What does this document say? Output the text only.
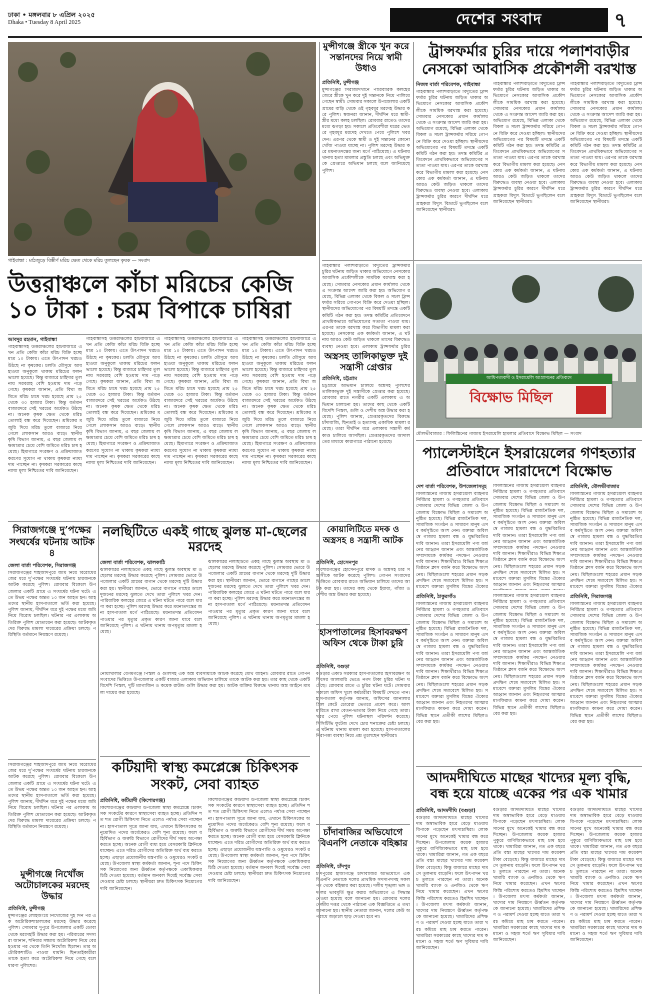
ঢাকা • মঙ্গলবার ৮ এপ্রিল ২০২৫
Dhaka • Tuesday 8 April 2025	দেশের সংবাদ	৭
গাইবান্ধা : মাঠজুড়ে বিস্তীর্ণ মরিচ ক্ষেত থেকে মরিচ তুলছেন কৃষক — সংবাদ
উত্তরাঞ্চলে কাঁচা মরিচের কেজি ১০ টাকা : চরম বিপাকে চাষিরা
আবদুর রহমান, গাইবান্ধা
গাইবান্ধাসহ উত্তরাঞ্চলের হাটবাজারে এখন প্রতি কেজি কাঁচা মরিচ বিক্রি হচ্ছে মাত্র ১০ টাকায়। এতে উৎপাদন খরচও উঠছে না কৃষকের। চলতি মৌসুমে আবহাওয়া অনুকূলে থাকায় মরিচের ফলন ভালো হয়েছে। কিন্তু বাজারে চাহিদার তুলনায় সরবরাহ বেশি হওয়ায় দাম পড়ে গেছে। কৃষকরা জানান, প্রতি বিঘা জমিতে মরিচ চাষে খরচ হয়েছে প্রায় ২৫ থেকে ৩০ হাজার টাকা। কিন্তু বর্তমান বাজারদরে সেই খরচের অর্ধেকও উঠছে না। অনেক কৃষক ক্ষেত থেকে মরিচ তোলাই বন্ধ করে দিয়েছেন। শ্রমিকের মজুরি দিয়ে মরিচ তুলে বাজারে নিয়ে গেলে লোকসান আরও বাড়ে। স্থানীয় কৃষি বিভাগ জানায়, এ বছর জেলায় লক্ষ্যমাত্রার চেয়ে বেশি জমিতে মরিচ চাষ হয়েছে। হিমাগারে সংরক্ষণ ও প্রক্রিয়াজাতকরণের সুযোগ না থাকায় কৃষকরা ন্যায্য দাম পাচ্ছেন না। কৃষকরা সরকারের কাছে ন্যায্য মূল্য নিশ্চিতের দাবি জানিয়েছেন।
গাইবান্ধাসহ উত্তরাঞ্চলের হাটবাজারে এখন প্রতি কেজি কাঁচা মরিচ বিক্রি হচ্ছে মাত্র ১০ টাকায়। এতে উৎপাদন খরচও উঠছে না কৃষকের। চলতি মৌসুমে আবহাওয়া অনুকূলে থাকায় মরিচের ফলন ভালো হয়েছে। কিন্তু বাজারে চাহিদার তুলনায় সরবরাহ বেশি হওয়ায় দাম পড়ে গেছে। কৃষকরা জানান, প্রতি বিঘা জমিতে মরিচ চাষে খরচ হয়েছে প্রায় ২৫ থেকে ৩০ হাজার টাকা। কিন্তু বর্তমান বাজারদরে সেই খরচের অর্ধেকও উঠছে না। অনেক কৃষক ক্ষেত থেকে মরিচ তোলাই বন্ধ করে দিয়েছেন। শ্রমিকের মজুরি দিয়ে মরিচ তুলে বাজারে নিয়ে গেলে লোকসান আরও বাড়ে। স্থানীয় কৃষি বিভাগ জানায়, এ বছর জেলায় লক্ষ্যমাত্রার চেয়ে বেশি জমিতে মরিচ চাষ হয়েছে। হিমাগারে সংরক্ষণ ও প্রক্রিয়াজাতকরণের সুযোগ না থাকায় কৃষকরা ন্যায্য দাম পাচ্ছেন না। কৃষকরা সরকারের কাছে ন্যায্য মূল্য নিশ্চিতের দাবি জানিয়েছেন।
গাইবান্ধাসহ উত্তরাঞ্চলের হাটবাজারে এখন প্রতি কেজি কাঁচা মরিচ বিক্রি হচ্ছে মাত্র ১০ টাকায়। এতে উৎপাদন খরচও উঠছে না কৃষকের। চলতি মৌসুমে আবহাওয়া অনুকূলে থাকায় মরিচের ফলন ভালো হয়েছে। কিন্তু বাজারে চাহিদার তুলনায় সরবরাহ বেশি হওয়ায় দাম পড়ে গেছে। কৃষকরা জানান, প্রতি বিঘা জমিতে মরিচ চাষে খরচ হয়েছে প্রায় ২৫ থেকে ৩০ হাজার টাকা। কিন্তু বর্তমান বাজারদরে সেই খরচের অর্ধেকও উঠছে না। অনেক কৃষক ক্ষেত থেকে মরিচ তোলাই বন্ধ করে দিয়েছেন। শ্রমিকের মজুরি দিয়ে মরিচ তুলে বাজারে নিয়ে গেলে লোকসান আরও বাড়ে। স্থানীয় কৃষি বিভাগ জানায়, এ বছর জেলায় লক্ষ্যমাত্রার চেয়ে বেশি জমিতে মরিচ চাষ হয়েছে। হিমাগারে সংরক্ষণ ও প্রক্রিয়াজাতকরণের সুযোগ না থাকায় কৃষকরা ন্যায্য দাম পাচ্ছেন না। কৃষকরা সরকারের কাছে ন্যায্য মূল্য নিশ্চিতের দাবি জানিয়েছেন।
গাইবান্ধাসহ উত্তরাঞ্চলের হাটবাজারে এখন প্রতি কেজি কাঁচা মরিচ বিক্রি হচ্ছে মাত্র ১০ টাকায়। এতে উৎপাদন খরচও উঠছে না কৃষকের। চলতি মৌসুমে আবহাওয়া অনুকূলে থাকায় মরিচের ফলন ভালো হয়েছে। কিন্তু বাজারে চাহিদার তুলনায় সরবরাহ বেশি হওয়ায় দাম পড়ে গেছে। কৃষকরা জানান, প্রতি বিঘা জমিতে মরিচ চাষে খরচ হয়েছে প্রায় ২৫ থেকে ৩০ হাজার টাকা। কিন্তু বর্তমান বাজারদরে সেই খরচের অর্ধেকও উঠছে না। অনেক কৃষক ক্ষেত থেকে মরিচ তোলাই বন্ধ করে দিয়েছেন। শ্রমিকের মজুরি দিয়ে মরিচ তুলে বাজারে নিয়ে গেলে লোকসান আরও বাড়ে। স্থানীয় কৃষি বিভাগ জানায়, এ বছর জেলায় লক্ষ্যমাত্রার চেয়ে বেশি জমিতে মরিচ চাষ হয়েছে। হিমাগারে সংরক্ষণ ও প্রক্রিয়াজাতকরণের সুযোগ না থাকায় কৃষকরা ন্যায্য দাম পাচ্ছেন না। কৃষকরা সরকারের কাছে ন্যায্য মূল্য নিশ্চিতের দাবি জানিয়েছেন।
মুন্সীগঞ্জে স্ত্রীকে খুন করে সন্তানদের নিয়ে স্বামী উধাও
প্রতিনিধি, মুন্সীগঞ্জ
মুন্সীগঞ্জের সিরাজদিখানে পারিবারিক কলহের জেরে স্ত্রীকে খুন করে দুই সন্তানকে নিয়ে পালিয়ে গেছেন স্বামী। সোমবার সকালে উপজেলার একটি গ্রামের বাড়ি থেকে ওই গৃহবধূর মরদেহ উদ্ধার করে পুলিশ। স্বজনরা জানান, দীর্ঘদিন ধরে স্বামী-স্ত্রীর মধ্যে কলহ চলছিল। রোববার রাতেও তাদের মধ্যে ঝগড়া হয়। সকালে প্রতিবেশীরা ঘরের ভেতরে গৃহবধূর মরদেহ দেখতে পেয়ে পুলিশে খবর দেন। এরপর থেকে স্বামী ও দুই সন্তানের কোনো খোঁজ পাওয়া যাচ্ছে না। পুলিশ মরদেহ উদ্ধার করে ময়নাতদন্তের জন্য মর্গে পাঠিয়েছে। এ ঘটনায় থানায় হত্যা মামলার প্রস্তুতি চলছে এবং অভিযুক্তকে গ্রেপ্তারে অভিযান চলছে বলে জানিয়েছে পুলিশ।
ট্রান্সফর্মার চুরির দায়ে পলাশবাড়ীর নেসকো আবাসিক প্রকৌশলী বরখাস্ত
নিজস্ব বার্তা পরিবেশক, গাইবান্ধা
গাইবান্ধার পলাশবাড়ীতে বিদ্যুতের ট্রান্সফর্মার চুরির ঘটনায় জড়িত থাকার অভিযোগে নেসকোর আবাসিক প্রকৌশলীকে সাময়িক বরখাস্ত করা হয়েছে। সোমবার নেসকোর প্রধান কার্যালয় থেকে এ সংক্রান্ত আদেশ জারি করা হয়। অভিযোগ রয়েছে, বিভিন্ন এলাকা থেকে বিকল ও সচল ট্রান্সফর্মার সরিয়ে গোপনে বিক্রি করে দেওয়া হচ্ছিল। স্থানীয়দের অভিযোগের পর বিষয়টি তদন্তে একটি কমিটি গঠন করা হয়। তদন্ত কমিটির প্রতিবেদনে প্রাথমিকভাবে অভিযোগের সত্যতা পাওয়া যায়। এরপর তাকে বরখাস্ত করে বিভাগীয় মামলা করা হয়েছে। নেসকোর এক কর্মকর্তা জানান, এ ঘটনায় আরও কেউ জড়িত থাকলে তাদের বিরুদ্ধেও ব্যবস্থা নেওয়া হবে। এলাকায় ট্রান্সফর্মার চুরির কারণে দীর্ঘদিন ধরে গ্রাহকরা বিদ্যুৎ বিভ্রাটে ভুগছিলেন বলে জানিয়েছেন স্থানীয়রা।
গাইবান্ধার পলাশবাড়ীতে বিদ্যুতের ট্রান্সফর্মার চুরির ঘটনায় জড়িত থাকার অভিযোগে নেসকোর আবাসিক প্রকৌশলীকে সাময়িক বরখাস্ত করা হয়েছে। সোমবার নেসকোর প্রধান কার্যালয় থেকে এ সংক্রান্ত আদেশ জারি করা হয়। অভিযোগ রয়েছে, বিভিন্ন এলাকা থেকে বিকল ও সচল ট্রান্সফর্মার সরিয়ে গোপনে বিক্রি করে দেওয়া হচ্ছিল। স্থানীয়দের অভিযোগের পর বিষয়টি তদন্তে একটি কমিটি গঠন করা হয়। তদন্ত কমিটির প্রতিবেদনে প্রাথমিকভাবে অভিযোগের সত্যতা পাওয়া যায়। এরপর তাকে বরখাস্ত করে বিভাগীয় মামলা করা হয়েছে। নেসকোর এক কর্মকর্তা জানান, এ ঘটনায় আরও কেউ জড়িত থাকলে তাদের বিরুদ্ধেও ব্যবস্থা নেওয়া হবে। এলাকায় ট্রান্সফর্মার চুরির কারণে দীর্ঘদিন ধরে গ্রাহকরা বিদ্যুৎ বিভ্রাটে ভুগছিলেন বলে জানিয়েছেন স্থানীয়রা।
গাইবান্ধার পলাশবাড়ীতে বিদ্যুতের ট্রান্সফর্মার চুরির ঘটনায় জড়িত থাকার অভিযোগে নেসকোর আবাসিক প্রকৌশলীকে সাময়িক বরখাস্ত করা হয়েছে। সোমবার নেসকোর প্রধান কার্যালয় থেকে এ সংক্রান্ত আদেশ জারি করা হয়। অভিযোগ রয়েছে, বিভিন্ন এলাকা থেকে বিকল ও সচল ট্রান্সফর্মার সরিয়ে গোপনে বিক্রি করে দেওয়া হচ্ছিল। স্থানীয়দের অভিযোগের পর বিষয়টি তদন্তে একটি কমিটি গঠন করা হয়। তদন্ত কমিটির প্রতিবেদনে প্রাথমিকভাবে অভিযোগের সত্যতা পাওয়া যায়। এরপর তাকে বরখাস্ত করে বিভাগীয় মামলা করা হয়েছে। নেসকোর এক কর্মকর্তা জানান, এ ঘটনায় আরও কেউ জড়িত থাকলে তাদের বিরুদ্ধেও ব্যবস্থা নেওয়া হবে। এলাকায় ট্রান্সফর্মার চুরির কারণে দীর্ঘদিন ধরে গ্রাহকরা বিদ্যুৎ বিভ্রাটে ভুগছিলেন বলে জানিয়েছেন স্থানীয়রা।
গাইবান্ধার পলাশবাড়ীতে বিদ্যুতের ট্রান্সফর্মার চুরির ঘটনায় জড়িত থাকার অভিযোগে নেসকোর আবাসিক প্রকৌশলীকে সাময়িক বরখাস্ত করা হয়েছে। সোমবার নেসকোর প্রধান কার্যালয় থেকে এ সংক্রান্ত আদেশ জারি করা হয়। অভিযোগ রয়েছে, বিভিন্ন এলাকা থেকে বিকল ও সচল ট্রান্সফর্মার সরিয়ে গোপনে বিক্রি করে দেওয়া হচ্ছিল। স্থানীয়দের অভিযোগের পর বিষয়টি তদন্তে একটি কমিটি গঠন করা হয়। তদন্ত কমিটির প্রতিবেদনে প্রাথমিকভাবে অভিযোগের সত্যতা পাওয়া যায়। এরপর তাকে বরখাস্ত করে বিভাগীয় মামলা করা হয়েছে। নেসকোর এক কর্মকর্তা জানান, এ ঘটনায় আরও কেউ জড়িত থাকলে তাদের বিরুদ্ধেও ব্যবস্থা নেওয়া হবে। এলাকায় ট্রান্সফর্মার চুরির
অস্ত্রসহ তালিকাভুক্ত দুই সন্ত্রাসী গ্রেপ্তার
প্রতিনিধি, চট্টগ্রাম
চট্টগ্রামে অভিযান চালিয়ে অস্ত্রসহ পুলিশের তালিকাভুক্ত দুই সন্ত্রাসীকে গ্রেপ্তার করা হয়েছে। রোববার রাতে নগরীর একটি এলাকায় এ অভিযান চালানো হয়। তাদের কাছ থেকে একটি বিদেশি পিস্তল, গুলি ও দেশীয় অস্ত্র উদ্ধার করা হয়েছে। পুলিশ জানায়, গ্রেপ্তারকৃতদের বিরুদ্ধে চাঁদাবাজি, ছিনতাই ও হত্যাসহ একাধিক মামলা রয়েছে। তারা দীর্ঘদিন ধরে এলাকায় সন্ত্রাসী কর্মকাণ্ড চালিয়ে আসছিল। গ্রেপ্তারকৃতদের আদালতের মাধ্যমে কারাগারে পাঠানো হয়েছে।
আধিপত্যবাদী ও ইসরায়েলি আগ্রাসনের প্রতিবাদে
বিক্ষোভ মিছিল
মৌলভীবাজার : ফিলিস্তিনের গাজায় ইসরায়েলি হামলার প্রতিবাদে বিক্ষোভ মিছিল — সংবাদ
প্যালেস্টাইনে ইসরায়েলের গণহত্যার প্রতিবাদে সারাদেশে বিক্ষোভ
দেশ বার্তা পরিবেশক, উপজেলাসমূহ
ফিলিস্তিনের গাজায় ইসরায়েলি বাহিনীর নির্বিচার হামলা ও গণহত্যার প্রতিবাদে সোমবার দেশের বিভিন্ন জেলা ও উপজেলায় বিক্ষোভ মিছিল ও সমাবেশ অনুষ্ঠিত হয়েছে। বিভিন্ন রাজনৈতিক দল, সামাজিক সংগঠন ও সাধারণ মানুষ এসব কর্মসূচিতে অংশ নেন। বক্তারা অবিলম্বে গাজায় হামলা বন্ধ ও যুদ্ধবিরতির দাবি জানান। তারা ইসরায়েলি পণ্য বর্জনের আহ্বান জানান এবং আন্তর্জাতিক সম্প্রদায়কে কার্যকর পদক্ষেপ নেওয়ার দাবি জানান। শিক্ষার্থীরাও বিভিন্ন শিক্ষাপ্রতিষ্ঠানে ক্লাস বর্জন করে বিক্ষোভে অংশ নেয়। মিছিলগুলো শহরের প্রধান সড়ক প্রদক্ষিণ শেষে সমাবেশে মিলিত হয়। সমাবেশে বক্তারা মুসলিম বিশ্বের ঐক্যের
ফিলিস্তিনের গাজায় ইসরায়েলি বাহিনীর নির্বিচার হামলা ও গণহত্যার প্রতিবাদে সোমবার দেশের বিভিন্ন জেলা ও উপজেলায় বিক্ষোভ মিছিল ও সমাবেশ অনুষ্ঠিত হয়েছে। বিভিন্ন রাজনৈতিক দল, সামাজিক সংগঠন ও সাধারণ মানুষ এসব কর্মসূচিতে অংশ নেন। বক্তারা অবিলম্বে গাজায় হামলা বন্ধ ও যুদ্ধবিরতির দাবি জানান। তারা ইসরায়েলি পণ্য বর্জনের আহ্বান জানান এবং আন্তর্জাতিক সম্প্রদায়কে কার্যকর পদক্ষেপ নেওয়ার দাবি জানান। শিক্ষার্থীরাও বিভিন্ন শিক্ষাপ্রতিষ্ঠানে ক্লাস বর্জন করে বিক্ষোভে অংশ নেয়। মিছিলগুলো শহরের প্রধান সড়ক প্রদক্ষিণ শেষে সমাবেশে মিলিত হয়। সমাবেশে বক্তারা মুসলিম বিশ্বের ঐক্যের আহ্বান জানান এবং নিহতদের আত্মার
প্রতিনিধি, মৌলভীবাজার
ফিলিস্তিনের গাজায় ইসরায়েলি বাহিনীর নির্বিচার হামলা ও গণহত্যার প্রতিবাদে সোমবার দেশের বিভিন্ন জেলা ও উপজেলায় বিক্ষোভ মিছিল ও সমাবেশ অনুষ্ঠিত হয়েছে। বিভিন্ন রাজনৈতিক দল, সামাজিক সংগঠন ও সাধারণ মানুষ এসব কর্মসূচিতে অংশ নেন। বক্তারা অবিলম্বে গাজায় হামলা বন্ধ ও যুদ্ধবিরতির দাবি জানান। তারা ইসরায়েলি পণ্য বর্জনের আহ্বান জানান এবং আন্তর্জাতিক সম্প্রদায়কে কার্যকর পদক্ষেপ নেওয়ার দাবি জানান। শিক্ষার্থীরাও বিভিন্ন শিক্ষাপ্রতিষ্ঠানে ক্লাস বর্জন করে বিক্ষোভে অংশ নেয়। মিছিলগুলো শহরের প্রধান সড়ক প্রদক্ষিণ শেষে সমাবেশে মিলিত হয়। সমাবেশে বক্তারা মুসলিম বিশ্বের ঐক্যের
সিরাজগঞ্জে দু’পক্ষের সংঘর্ষের ঘটনায় আটক ৪
জেলা বার্তা পরিবেশক, সিরাজগঞ্জ
সিরাজগঞ্জের শাহজাদপুরে জমি নিয়ে বিরোধের জের ধরে দু’পক্ষের সংঘর্ষের ঘটনায় চারজনকে আটক করেছে পুলিশ। রোববার বিকেলে উপজেলার একটি গ্রামে এ সংঘর্ষের ঘটনা ঘটে। এতে উভয় পক্ষের অন্তত ১০ জন আহত হন। আহতদের স্থানীয় হাসপাতালে ভর্তি করা হয়েছে। পুলিশ জানায়, দীর্ঘদিন ধরে দুই পক্ষের মধ্যে জমি নিয়ে বিরোধ চলছিল। ঘটনার পর এলাকায় অতিরিক্ত পুলিশ মোতায়েন করা হয়েছে। আটককৃতদের বিরুদ্ধে মামলা দায়েরের প্রক্রিয়া চলছে। পরিস্থিতি বর্তমানে নিয়ন্ত্রণে রয়েছে।
নলছিটিতে একই গাছে ঝুলন্ত মা-ছেলের মরদেহ
জেলা বার্তা পরিবেশক, ঝালকাঠি
ঝালকাঠির নলছিটিতে একই গাছে ঝুলন্ত অবস্থায় মা ও ছেলের মরদেহ উদ্ধার করেছে পুলিশ। সোমবার ভোরে উপজেলার একটি গ্রামের বাগান থেকে মরদেহ দুটি উদ্ধার করা হয়। স্থানীয়রা জানান, ভোরে বাগানে গাছের ডালে দুজনের মরদেহ ঝুলতে দেখে তারা পুলিশে খবর দেন। পারিবারিক কলহের জেরে এ ঘটনা ঘটতে পারে বলে ধারণা করা হচ্ছে। পুলিশ মরদেহ উদ্ধার করে ময়নাতদন্তের জন্য হাসপাতাল মর্গে পাঠিয়েছে। ময়নাতদন্ত প্রতিবেদন পাওয়ার পর মৃত্যুর প্রকৃত কারণ জানা যাবে বলে জানিয়েছে পুলিশ। এ ঘটনায় থানায় অপমৃত্যুর মামলা হয়েছে।
ঝালকাঠির নলছিটিতে একই গাছে ঝুলন্ত অবস্থায় মা ও ছেলের মরদেহ উদ্ধার করেছে পুলিশ। সোমবার ভোরে উপজেলার একটি গ্রামের বাগান থেকে মরদেহ দুটি উদ্ধার করা হয়। স্থানীয়রা জানান, ভোরে বাগানে গাছের ডালে দুজনের মরদেহ ঝুলতে দেখে তারা পুলিশে খবর দেন। পারিবারিক কলহের জেরে এ ঘটনা ঘটতে পারে বলে ধারণা করা হচ্ছে। পুলিশ মরদেহ উদ্ধার করে ময়নাতদন্তের জন্য হাসপাতাল মর্গে পাঠিয়েছে। ময়নাতদন্ত প্রতিবেদন পাওয়ার পর মৃত্যুর প্রকৃত কারণ জানা যাবে বলে জানিয়েছে পুলিশ। এ ঘটনায় থানায় অপমৃত্যুর মামলা হয়েছে।
কোয়ালিটিতে মদক ও অস্ত্রসহ ৪ সন্ত্রাসী আটক
প্রতিনিধি, হোসেনপুর
কিশোরগঞ্জের হোসেনপুরে মাদক ও অস্ত্রসহ চার সন্ত্রাসীকে আটক করেছে পুলিশ। গোপন সংবাদের ভিত্তিতে রোববার রাতে অভিযান চালিয়ে তাদের আটক করা হয়। তাদের কাছ থেকে ইয়াবা, গাঁজা ও দেশীয় অস্ত্র উদ্ধার করা হয়েছে।
হাসপাতালের হিসাবরক্ষণ অফিস থেকে টাকা চুরি
প্রতিনিধি, বগুড়া
বগুড়ার একটি সরকারি হাসপাতালের হিসাবরক্ষণ অফিসের আলমারি ভেঙে নগদ টাকা চুরির ঘটনা ঘটেছে। রোববার রাতে এ চুরির ঘটনা ঘটে। সোমবার সকালে অফিস খুলে কর্মচারীরা বিষয়টি দেখতে পান। হাসপাতাল কর্তৃপক্ষ জানায়, অফিসের জানালার গ্রিল কেটে চোরেরা ভেতরে প্রবেশ করে। আলমারিতে রাখা বেতন-ভাতার টাকা নিয়ে গেছে তারা। খবর পেয়ে পুলিশ ঘটনাস্থল পরিদর্শন করেছে। সিসিটিভি ফুটেজ দেখে চোর শনাক্তের চেষ্টা চলছে। এ ঘটনায় থানায় মামলা করা হয়েছে। হাসপাতালের নিরাপত্তা ব্যবস্থা নিয়ে প্রশ্ন তুলেছেন স্থানীয়রা।
নোয়াখালীর বেগমগঞ্জে পিস্তল ও গুলিসহ এক অস্ত্র ব্যবসায়ীকে আটক করেছে যৌথ বাহিনী। রোববার রাতে গোপন সংবাদের ভিত্তিতে উপজেলার একটি বাজার এলাকায় অভিযান চালিয়ে তাকে আটক করা হয়। তার কাছ থেকে একটি বিদেশি পিস্তল, দুটি ম্যাগাজিন ও কয়েক রাউন্ড গুলি উদ্ধার করা হয়। আটক ব্যক্তির বিরুদ্ধে থানায় অস্ত্র আইনে মামলা দায়ের করা হয়েছে।
কটিয়াদী স্বাস্থ্য কমপ্লেক্সে চিকিৎসক সংকট, সেবা ব্যাহত
প্রতিনিধি, কটিয়াদী (কিশোরগঞ্জ)
কিশোরগঞ্জের কটিয়াদী উপজেলা স্বাস্থ্য কমপ্লেক্সে চিকিৎসক সংকটের কারণে স্বাস্থ্যসেবা ব্যাহত হচ্ছে। প্রতিদিন শত শত রোগী চিকিৎসা নিতে এলেও পর্যাপ্ত সেবা পাচ্ছেন না। হাসপাতাল সূত্রে জানা যায়, এখানে চিকিৎসকের অনুমোদিত পদের অর্ধেকেরও বেশি শূন্য রয়েছে। ফলে বহির্বিভাগ ও জরুরি বিভাগে রোগীদের দীর্ঘ সময় অপেক্ষা করতে হচ্ছে। অনেক রোগী বাধ্য হয়ে বেসরকারি ক্লিনিকে যাচ্ছেন। এতে দরিদ্র রোগীদের অতিরিক্ত অর্থ ব্যয় করতে হচ্ছে। এছাড়া প্রয়োজনীয় যন্ত্রপাতি ও ওষুধেরও সংকট রয়েছে। উপজেলা স্বাস্থ্য কর্মকর্তা জানান, শূন্য পদে চিকিৎসক নিয়োগের জন্য ঊর্ধ্বতন কর্তৃপক্ষকে একাধিকবার চিঠি দেওয়া হয়েছে। বর্তমান জনবল দিয়েই সর্বোচ্চ সেবা দেওয়ার চেষ্টা চলছে। স্থানীয়রা দ্রুত চিকিৎসক নিয়োগের দাবি জানিয়েছেন।
কিশোরগঞ্জের কটিয়াদী উপজেলা স্বাস্থ্য কমপ্লেক্সে চিকিৎসক সংকটের কারণে স্বাস্থ্যসেবা ব্যাহত হচ্ছে। প্রতিদিন শত শত রোগী চিকিৎসা নিতে এলেও পর্যাপ্ত সেবা পাচ্ছেন না। হাসপাতাল সূত্রে জানা যায়, এখানে চিকিৎসকের অনুমোদিত পদের অর্ধেকেরও বেশি শূন্য রয়েছে। ফলে বহির্বিভাগ ও জরুরি বিভাগে রোগীদের দীর্ঘ সময় অপেক্ষা করতে হচ্ছে। অনেক রোগী বাধ্য হয়ে বেসরকারি ক্লিনিকে যাচ্ছেন। এতে দরিদ্র রোগীদের অতিরিক্ত অর্থ ব্যয় করতে হচ্ছে। এছাড়া প্রয়োজনীয় যন্ত্রপাতি ও ওষুধেরও সংকট রয়েছে। উপজেলা স্বাস্থ্য কর্মকর্তা জানান, শূন্য পদে চিকিৎসক নিয়োগের জন্য ঊর্ধ্বতন কর্তৃপক্ষকে একাধিকবার চিঠি দেওয়া হয়েছে। বর্তমান জনবল দিয়েই সর্বোচ্চ সেবা দেওয়ার চেষ্টা চলছে। স্থানীয়রা দ্রুত চিকিৎসক নিয়োগের দাবি জানিয়েছেন।
মুন্সীগঞ্জে নিখোঁজ অটোচালকের মরদেহ উদ্ধার
সিরাজগঞ্জের শাহজাদপুরে জমি নিয়ে বিরোধের জের ধরে দু’পক্ষের সংঘর্ষের ঘটনায় চারজনকে আটক করেছে পুলিশ। রোববার বিকেলে উপজেলার একটি গ্রামে এ সংঘর্ষের ঘটনা ঘটে। এতে উভয় পক্ষের অন্তত ১০ জন আহত হন। আহতদের স্থানীয় হাসপাতালে ভর্তি করা হয়েছে। পুলিশ জানায়, দীর্ঘদিন ধরে দুই পক্ষের মধ্যে জমি নিয়ে বিরোধ চলছিল। ঘটনার পর এলাকায় অতিরিক্ত পুলিশ মোতায়েন করা হয়েছে। আটককৃতদের বিরুদ্ধে মামলা দায়েরের প্রক্রিয়া চলছে। পরিস্থিতি বর্তমানে নিয়ন্ত্রণে রয়েছে।
প্রতিনিধি, মুন্সীগঞ্জ
মুন্সীগঞ্জের লৌহজংয়ে নিখোঁজের দুই দিন পর এক অটোরিকশাচালকের মরদেহ উদ্ধার করেছে পুলিশ। সোমবার দুপুরে উপজেলার একটি ডোবা থেকে মরদেহটি উদ্ধার করা হয়। পরিবারের সদস্যরা জানান, শনিবার সন্ধ্যায় অটোরিকশা নিয়ে বের হওয়ার পর থেকে তিনি নিখোঁজ ছিলেন। তার অটোরিকশাটিও পাওয়া যায়নি। ছিনতাইকারীরা তাকে হত্যা করে অটোরিকশা নিয়ে গেছে বলে ধারণা পুলিশের।
চাঁদাবাজির অভিযোগে বিএনপি নেতাকে বহিষ্কার
প্রতিনিধি, চাঁদপুর
চাঁদপুরের হাজীগঞ্জে চাঁদাবাজির অভিযোগে এক বিএনপি নেতাকে দলের প্রাথমিক সদস্যপদসহ সকল পদ থেকে বহিষ্কার করা হয়েছে। দলীয় শৃঙ্খলা ভঙ্গ ও দলের ভাবমূর্তি ক্ষুণ্ণ করার অভিযোগে এ সিদ্ধান্ত নেওয়া হয়েছে বলে জানানো হয়। রোববার দলের কেন্দ্রীয় দপ্তর থেকে পাঠানো এক বিজ্ঞপ্তিতে এ তথ্য জানানো হয়। স্থানীয় নেতারা জানান, দলের কেউ অপরাধে জড়ালে ছাড় দেওয়া হবে না।
প্রতিনিধি, ঠাকুরগাঁও
ফিলিস্তিনের গাজায় ইসরায়েলি বাহিনীর নির্বিচার হামলা ও গণহত্যার প্রতিবাদে সোমবার দেশের বিভিন্ন জেলা ও উপজেলায় বিক্ষোভ মিছিল ও সমাবেশ অনুষ্ঠিত হয়েছে। বিভিন্ন রাজনৈতিক দল, সামাজিক সংগঠন ও সাধারণ মানুষ এসব কর্মসূচিতে অংশ নেন। বক্তারা অবিলম্বে গাজায় হামলা বন্ধ ও যুদ্ধবিরতির দাবি জানান। তারা ইসরায়েলি পণ্য বর্জনের আহ্বান জানান এবং আন্তর্জাতিক সম্প্রদায়কে কার্যকর পদক্ষেপ নেওয়ার দাবি জানান। শিক্ষার্থীরাও বিভিন্ন শিক্ষাপ্রতিষ্ঠানে ক্লাস বর্জন করে বিক্ষোভে অংশ নেয়। মিছিলগুলো শহরের প্রধান সড়ক প্রদক্ষিণ শেষে সমাবেশে মিলিত হয়। সমাবেশে বক্তারা মুসলিম বিশ্বের ঐক্যের আহ্বান জানান এবং নিহতদের আত্মার মাগফিরাত কামনা করে দোয়া করেন। বিভিন্ন স্থানে প্রতীকী লাশের মিছিলও বের করা হয়।
ফিলিস্তিনের গাজায় ইসরায়েলি বাহিনীর নির্বিচার হামলা ও গণহত্যার প্রতিবাদে সোমবার দেশের বিভিন্ন জেলা ও উপজেলায় বিক্ষোভ মিছিল ও সমাবেশ অনুষ্ঠিত হয়েছে। বিভিন্ন রাজনৈতিক দল, সামাজিক সংগঠন ও সাধারণ মানুষ এসব কর্মসূচিতে অংশ নেন। বক্তারা অবিলম্বে গাজায় হামলা বন্ধ ও যুদ্ধবিরতির দাবি জানান। তারা ইসরায়েলি পণ্য বর্জনের আহ্বান জানান এবং আন্তর্জাতিক সম্প্রদায়কে কার্যকর পদক্ষেপ নেওয়ার দাবি জানান। শিক্ষার্থীরাও বিভিন্ন শিক্ষাপ্রতিষ্ঠানে ক্লাস বর্জন করে বিক্ষোভে অংশ নেয়। মিছিলগুলো শহরের প্রধান সড়ক প্রদক্ষিণ শেষে সমাবেশে মিলিত হয়। সমাবেশে বক্তারা মুসলিম বিশ্বের ঐক্যের আহ্বান জানান এবং নিহতদের আত্মার মাগফিরাত কামনা করে দোয়া করেন। বিভিন্ন স্থানে প্রতীকী লাশের মিছিলও বের করা হয়।
প্রতিনিধি, সিরাজগঞ্জ
ফিলিস্তিনের গাজায় ইসরায়েলি বাহিনীর নির্বিচার হামলা ও গণহত্যার প্রতিবাদে সোমবার দেশের বিভিন্ন জেলা ও উপজেলায় বিক্ষোভ মিছিল ও সমাবেশ অনুষ্ঠিত হয়েছে। বিভিন্ন রাজনৈতিক দল, সামাজিক সংগঠন ও সাধারণ মানুষ এসব কর্মসূচিতে অংশ নেন। বক্তারা অবিলম্বে গাজায় হামলা বন্ধ ও যুদ্ধবিরতির দাবি জানান। তারা ইসরায়েলি পণ্য বর্জনের আহ্বান জানান এবং আন্তর্জাতিক সম্প্রদায়কে কার্যকর পদক্ষেপ নেওয়ার দাবি জানান। শিক্ষার্থীরাও বিভিন্ন শিক্ষাপ্রতিষ্ঠানে ক্লাস বর্জন করে বিক্ষোভে অংশ নেয়। মিছিলগুলো শহরের প্রধান সড়ক প্রদক্ষিণ শেষে সমাবেশে মিলিত হয়। সমাবেশে বক্তারা মুসলিম বিশ্বের ঐক্যের আহ্বান জানান এবং নিহতদের আত্মার মাগফিরাত কামনা করে দোয়া করেন। বিভিন্ন স্থানে প্রতীকী লাশের মিছিলও বের করা হয়।
আদমদীঘিতে মাছের খাদ্যের মূল্য বৃদ্ধি, বন্ধ হয়ে যাচ্ছে একের পর এক খামার
প্রতিনিধি, আদমদীঘি (বগুড়া)
বগুড়ার আদমদীঘিতে মাছের খাদ্যের দাম অস্বাভাবিক হারে বেড়ে যাওয়ায় বিপাকে পড়েছেন মৎস্যচাষিরা। লোকসানের মুখে অনেকেই খামার বন্ধ করে দিচ্ছেন। উপজেলায় কয়েক হাজার পুকুরে বাণিজ্যিকভাবে মাছ চাষ হয়ে থাকে। খামারিরা জানান, গত এক বছরে প্রতি বস্তা মাছের খাদ্যের দাম কয়েকশ টাকা বেড়েছে। কিন্তু বাজারে মাছের দাম সে তুলনায় বাড়েনি। ফলে উৎপাদন খরচ তুলতে পারছেন না তারা। অনেক খামারি ব্যাংক ও এনজিও থেকে ঋণ নিয়ে খামার করেছেন। এখন ঋণের কিস্তি পরিশোধ করতেও হিমশিম খাচ্ছেন। উপজেলা মৎস্য কর্মকর্তা জানান, খাদ্যের দাম নিয়ন্ত্রণে ঊর্ধ্বতন কর্তৃপক্ষকে জানানো হয়েছে। খামারিদের প্রশিক্ষণ ও পরামর্শ দেওয়া হচ্ছে যাতে তারা খরচ কমিয়ে মাছ চাষ করতে পারেন। খামারিরা সরকারের কাছে খাদ্যের দাম কমানো ও সহজ শর্তে ঋণ সুবিধার দাবি জানিয়েছেন।
বগুড়ার আদমদীঘিতে মাছের খাদ্যের দাম অস্বাভাবিক হারে বেড়ে যাওয়ায় বিপাকে পড়েছেন মৎস্যচাষিরা। লোকসানের মুখে অনেকেই খামার বন্ধ করে দিচ্ছেন। উপজেলায় কয়েক হাজার পুকুরে বাণিজ্যিকভাবে মাছ চাষ হয়ে থাকে। খামারিরা জানান, গত এক বছরে প্রতি বস্তা মাছের খাদ্যের দাম কয়েকশ টাকা বেড়েছে। কিন্তু বাজারে মাছের দাম সে তুলনায় বাড়েনি। ফলে উৎপাদন খরচ তুলতে পারছেন না তারা। অনেক খামারি ব্যাংক ও এনজিও থেকে ঋণ নিয়ে খামার করেছেন। এখন ঋণের কিস্তি পরিশোধ করতেও হিমশিম খাচ্ছেন। উপজেলা মৎস্য কর্মকর্তা জানান, খাদ্যের দাম নিয়ন্ত্রণে ঊর্ধ্বতন কর্তৃপক্ষকে জানানো হয়েছে। খামারিদের প্রশিক্ষণ ও পরামর্শ দেওয়া হচ্ছে যাতে তারা খরচ কমিয়ে মাছ চাষ করতে পারেন। খামারিরা সরকারের কাছে খাদ্যের দাম কমানো ও সহজ শর্তে ঋণ সুবিধার দাবি জানিয়েছেন।
বগুড়ার আদমদীঘিতে মাছের খাদ্যের দাম অস্বাভাবিক হারে বেড়ে যাওয়ায় বিপাকে পড়েছেন মৎস্যচাষিরা। লোকসানের মুখে অনেকেই খামার বন্ধ করে দিচ্ছেন। উপজেলায় কয়েক হাজার পুকুরে বাণিজ্যিকভাবে মাছ চাষ হয়ে থাকে। খামারিরা জানান, গত এক বছরে প্রতি বস্তা মাছের খাদ্যের দাম কয়েকশ টাকা বেড়েছে। কিন্তু বাজারে মাছের দাম সে তুলনায় বাড়েনি। ফলে উৎপাদন খরচ তুলতে পারছেন না তারা। অনেক খামারি ব্যাংক ও এনজিও থেকে ঋণ নিয়ে খামার করেছেন। এখন ঋণের কিস্তি পরিশোধ করতেও হিমশিম খাচ্ছেন। উপজেলা মৎস্য কর্মকর্তা জানান, খাদ্যের দাম নিয়ন্ত্রণে ঊর্ধ্বতন কর্তৃপক্ষকে জানানো হয়েছে। খামারিদের প্রশিক্ষণ ও পরামর্শ দেওয়া হচ্ছে যাতে তারা খরচ কমিয়ে মাছ চাষ করতে পারেন। খামারিরা সরকারের কাছে খাদ্যের দাম কমানো ও সহজ শর্তে ঋণ সুবিধার দাবি জানিয়েছেন।
